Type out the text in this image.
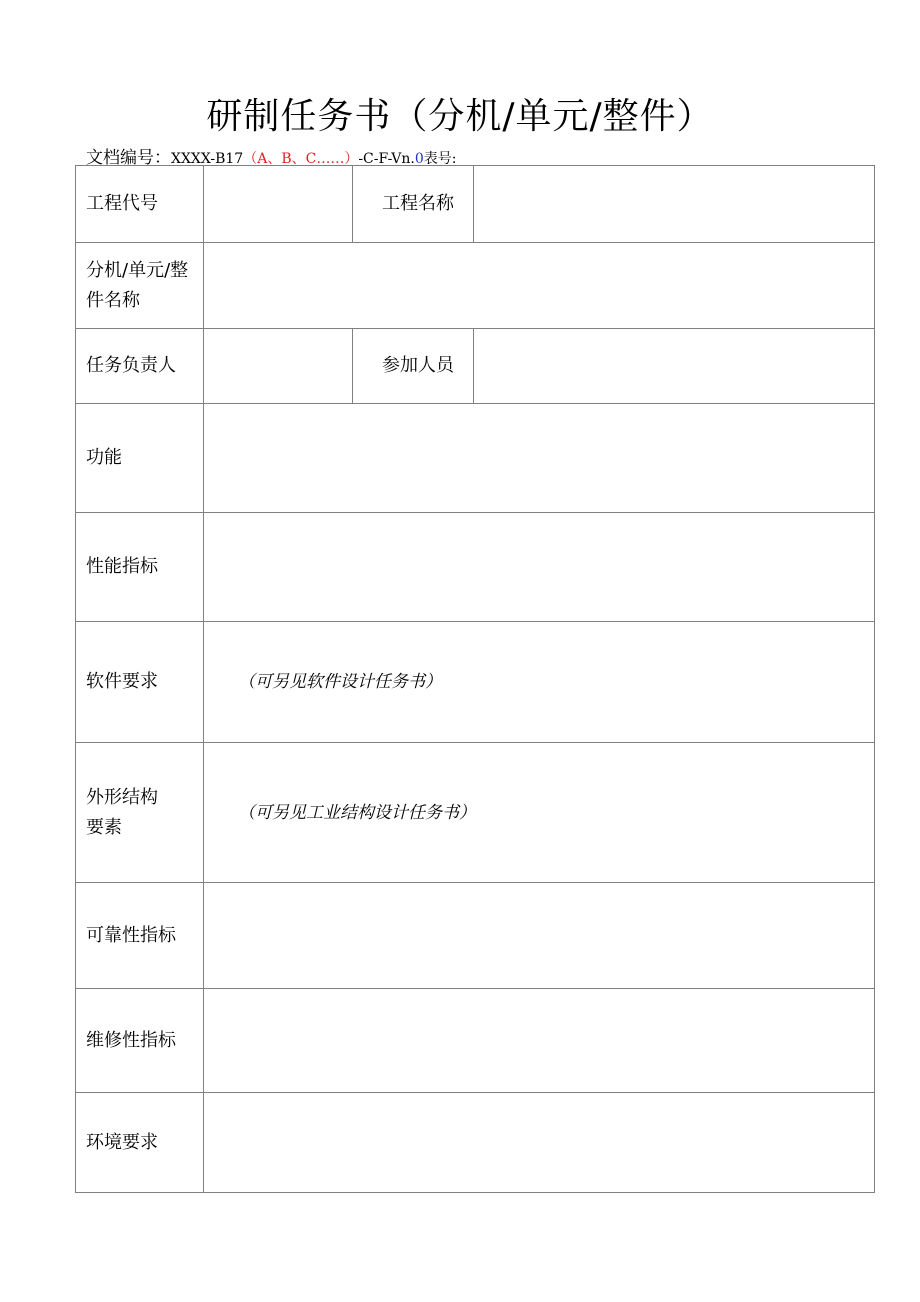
研制任务书（分机/单元/整件）
文档编号：XXXX-B17（A、B、C……）-C-F-Vn.0表号:
工程代号		工程名称	

分机/单元/整件名称			

任务负责人		参加人员	
功能			
性能指标			
软件要求	（可另见软件设计任务书）		

外形结构要素	（可另见工业结构设计任务书）		
可靠性指标			
维修性指标			
环境要求			
